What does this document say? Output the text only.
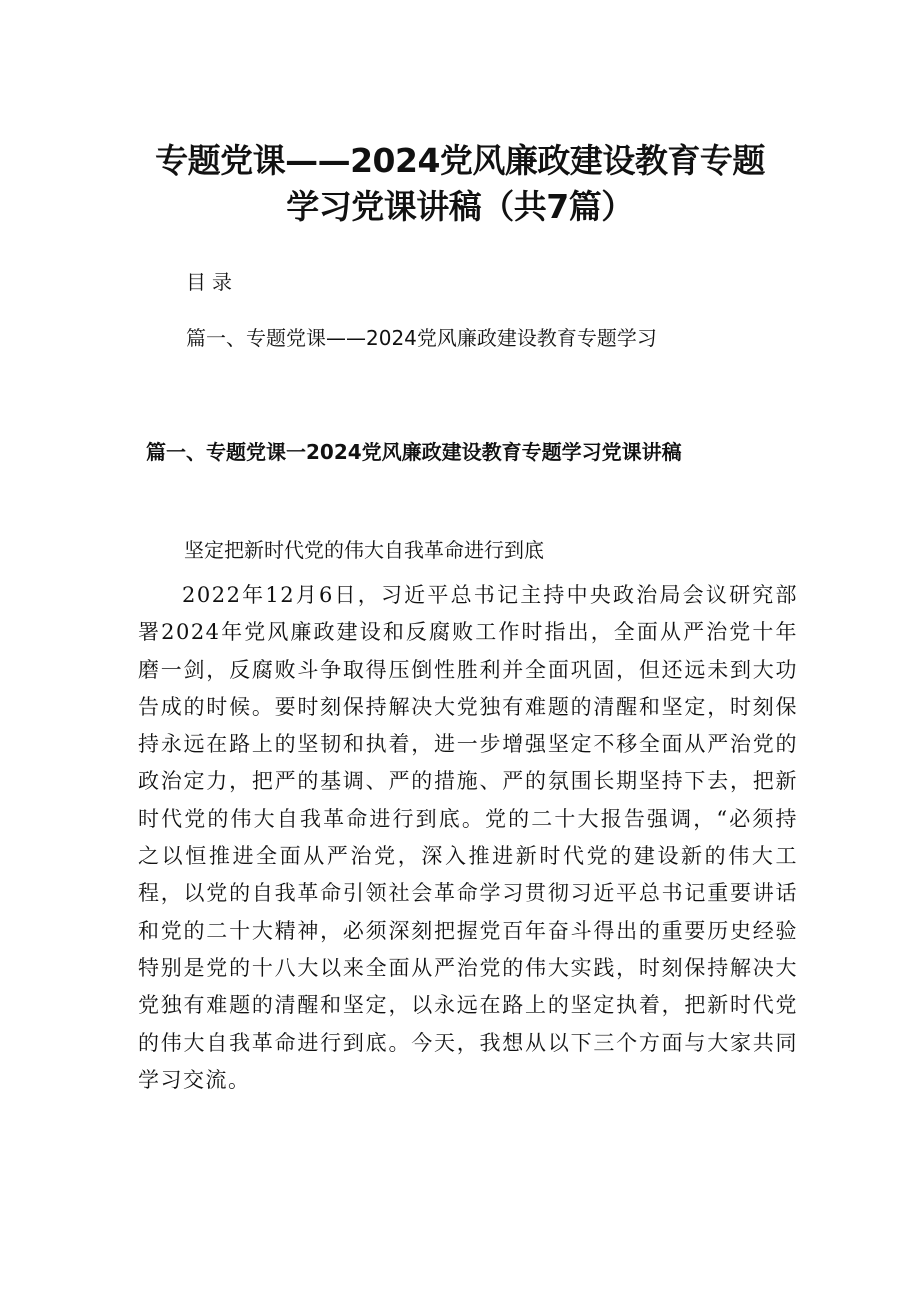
专题党课——2024党风廉政建设教育专题
学习党课讲稿（共7篇）
目录
篇一、专题党课——2024党风廉政建设教育专题学习
篇一、专题党课一2024党风廉政建设教育专题学习党课讲稿
坚定把新时代党的伟大自我革命进行到底

2022年12月6日，习近平总书记主持中央政治局会议研究部署2024年党风廉政建设和反腐败工作时指出，全面从严治党十年磨一剑，反腐败斗争取得压倒性胜利并全面巩固，但还远未到大功告成的时候。要时刻保持解决大党独有难题的清醒和坚定，时刻保持永远在路上的坚韧和执着，进一步增强坚定不移全面从严治党的政治定力，把严的基调、严的措施、严的氛围长期坚持下去，把新时代党的伟大自我革命进行到底。党的二十大报告强调，“必须持之以恒推进全面从严治党，深入推进新时代党的建设新的伟大工程，以党的自我革命引领社会革命学习贯彻习近平总书记重要讲话和党的二十大精神，必须深刻把握党百年奋斗得出的重要历史经验特别是党的十八大以来全面从严治党的伟大实践，时刻保持解决大党独有难题的清醒和坚定，以永远在路上的坚定执着，把新时代党的伟大自我革命进行到底。今天，我想从以下三个方面与大家共同学习交流。
